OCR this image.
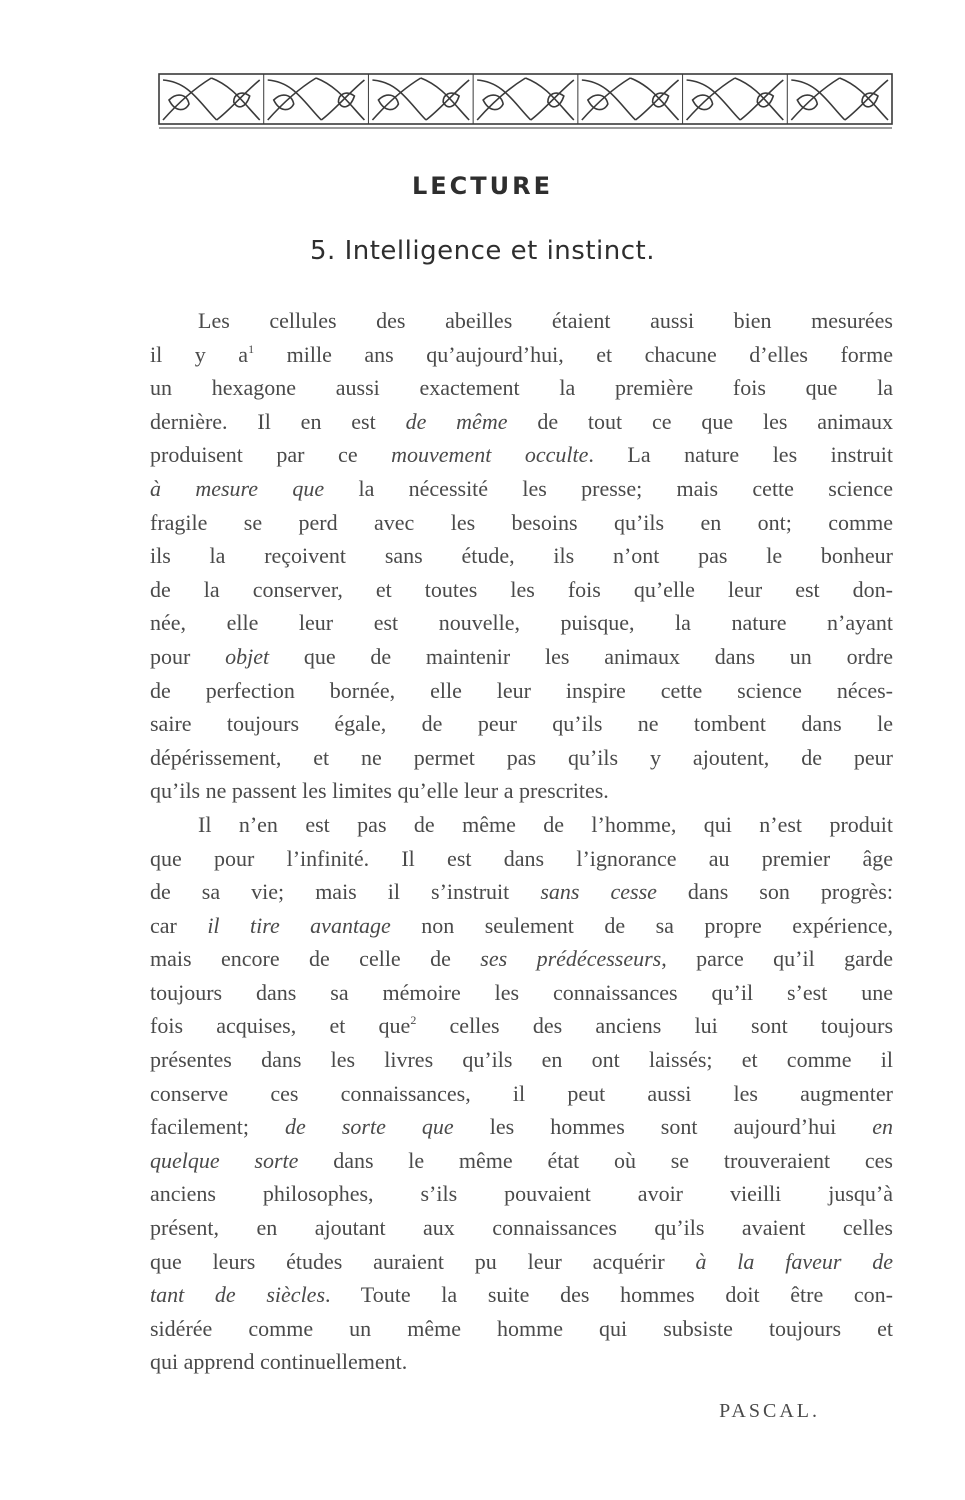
LECTURE
5. Intelligence et instinct.
Les cellules des abeilles étaient aussi bien mesurées
il y $a^1$ mille ans qu’aujourd’hui, et chacune d’elles forme
un hexagone aussi exactement la première fois que la
dernière. Il en est de même de tout ce que les animaux
produisent par ce mouvement occulte. La nature les instruit
à mesure que la nécessité les presse; mais cette science
fragile se perd avec les besoins qu’ils en ont; comme
ils la reçoivent sans étude, ils n’ont pas le bonheur
de la conserver, et toutes les fois qu’elle leur est don-
née, elle leur est nouvelle, puisque, la nature n’ayant
pour objet que de maintenir les animaux dans un ordre
de perfection bornée, elle leur inspire cette science néces-
saire toujours égale, de peur qu’ils ne tombent dans le
dépérissement, et ne permet pas qu’ils y ajoutent, de peur
qu’ils ne passent les limites qu’elle leur a prescrites.
Il n’en est pas de même de l’homme, qui n’est produit
que pour l’infinité. Il est dans l’ignorance au premier âge
de sa vie; mais il s’instruit sans cesse dans son progrès:
car il tire avantage non seulement de sa propre expérience,
mais encore de celle de ses prédécesseurs, parce qu’il garde
toujours dans sa mémoire les connaissances qu’il s’est une
fois acquises, et que$^2$ celles des anciens lui sont toujours
présentes dans les livres qu’ils en ont laissés; et comme il
conserve ces connaissances, il peut aussi les augmenter
facilement; de sorte que les hommes sont aujourd’hui en
quelque sorte dans le même état où se trouveraient ces
anciens philosophes, s’ils pouvaient avoir vieilli jusqu’à
présent, en ajoutant aux connaissances qu’ils avaient celles
que leurs études auraient pu leur acquérir à la faveur de
tant de siècles. Toute la suite des hommes doit être con-
sidérée comme un même homme qui subsiste toujours et
qui apprend continuellement.
PASCAL.
